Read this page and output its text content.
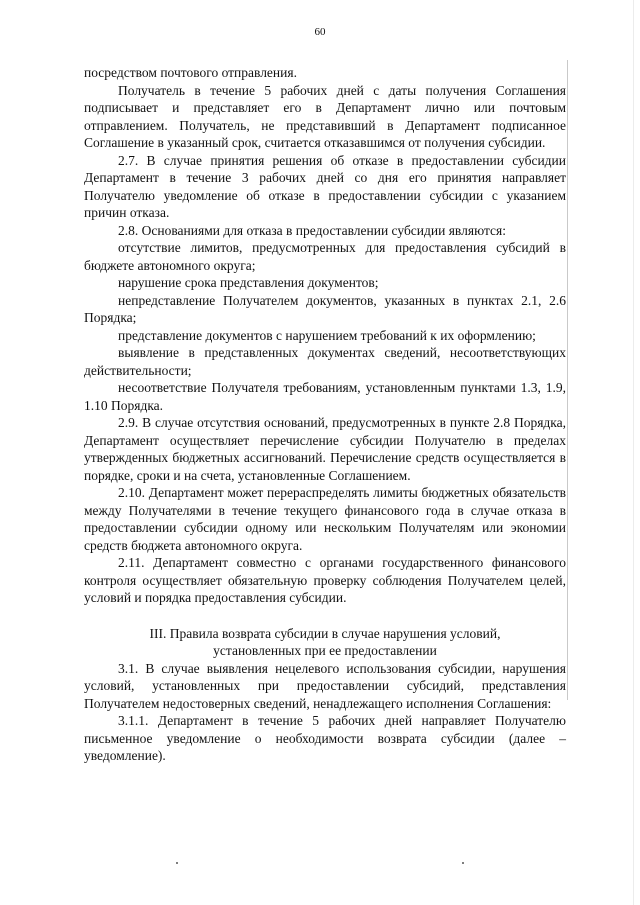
60

посредством почтового отправления.

Получатель в течение 5 рабочих дней с даты получения Соглашения подписывает и представляет его в Департамент лично или почтовым отправлением. Получатель, не представивший в Департамент подписанное Соглашение в указанный срок, считается отказавшимся от получения субсидии.

2.7. В случае принятия решения об отказе в предоставлении субсидии Департамент в течение 3 рабочих дней со дня его принятия направляет Получателю уведомление об отказе в предоставлении субсидии с указанием причин отказа.

2.8. Основаниями для отказа в предоставлении субсидии являются:

отсутствие лимитов, предусмотренных для предоставления субсидий в бюджете автономного округа;

нарушение срока представления документов;

непредставление Получателем документов, указанных в пунктах 2.1, 2.6 Порядка;

представление документов с нарушением требований к их оформлению;

выявление в представленных документах сведений, несоответствующих действительности;

несоответствие Получателя требованиям, установленным пунктами 1.3, 1.9, 1.10 Порядка.

2.9. В случае отсутствия оснований, предусмотренных в пункте 2.8 Порядка, Департамент осуществляет перечисление субсидии Получателю в пределах утвержденных бюджетных ассигнований. Перечисление средств осуществляется в порядке, сроки и на счета, установленные Соглашением.

2.10. Департамент может перераспределять лимиты бюджетных обязательств между Получателями в течение текущего финансового года в случае отказа в предоставлении субсидии одному или нескольким Получателям или экономии средств бюджета автономного округа.

2.11. Департамент совместно с органами государственного финансового контроля осуществляет обязательную проверку соблюдения Получателем целей, условий и порядка предоставления субсидии.

III. Правила возврата субсидии в случае нарушения условий,

установленных при ее предоставлении

3.1. В случае выявления нецелевого использования субсидии, нарушения условий, установленных при предоставлении субсидий, представления Получателем недостоверных сведений, ненадлежащего исполнения Соглашения:

3.1.1. Департамент в течение 5 рабочих дней направляет Получателю письменное уведомление о необходимости возврата субсидии (далее – уведомление).
